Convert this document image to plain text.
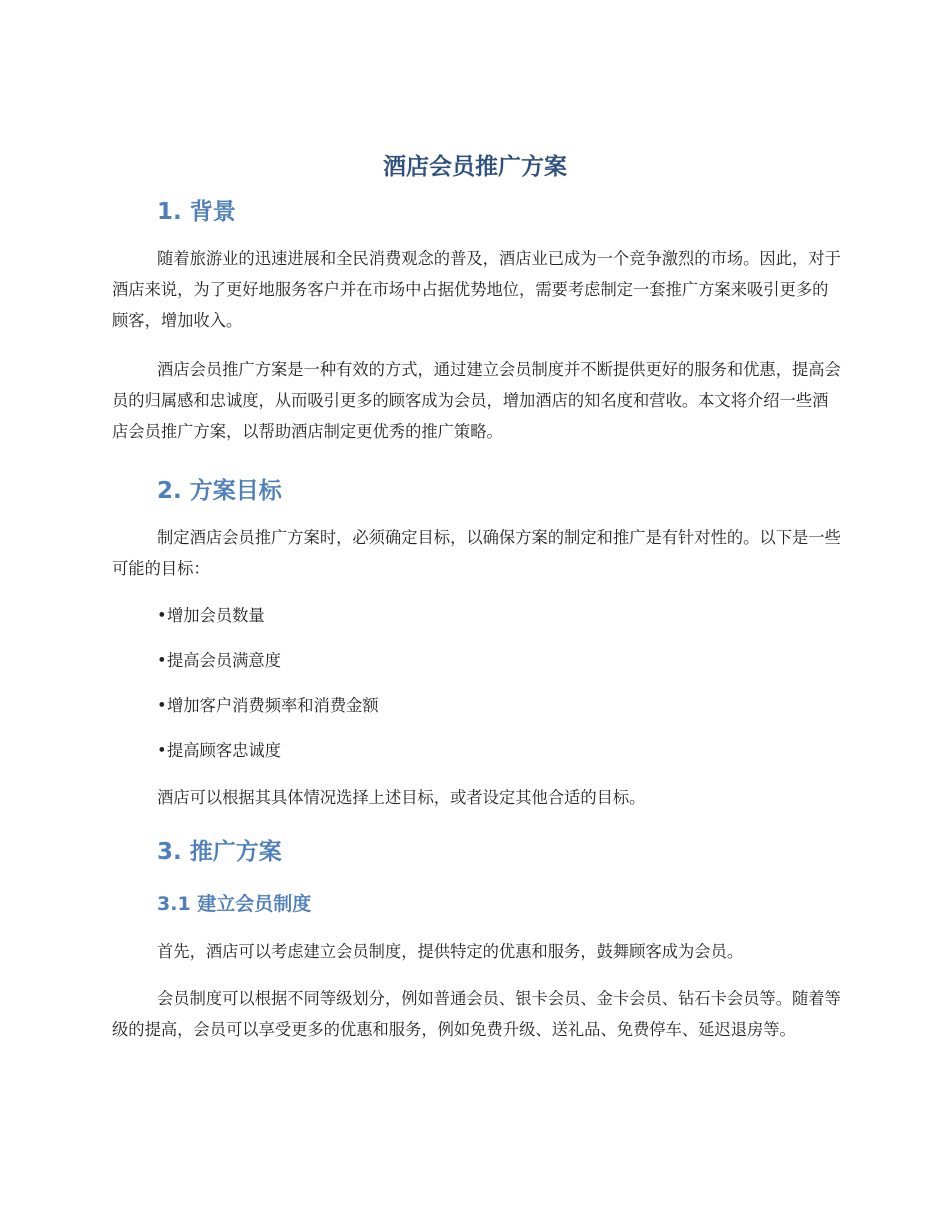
酒店会员推广方案
1. 背景

随着旅游业的迅速进展和全民消费观念的普及，酒店业已成为一个竞争激烈的市场。因此，对于酒店来说，为了更好地服务客户并在市场中占据优势地位，需要考虑制定一套推广方案来吸引更多的顾客，增加收入。

酒店会员推广方案是一种有效的方式，通过建立会员制度并不断提供更好的服务和优惠，提高会员的归属感和忠诚度，从而吸引更多的顾客成为会员，增加酒店的知名度和营收。本文将介绍一些酒店会员推广方案，以帮助酒店制定更优秀的推广策略。

2. 方案目标

制定酒店会员推广方案时，必须确定目标，以确保方案的制定和推广是有针对性的。以下是一些可能的目标：

•增加会员数量

•提高会员满意度

•增加客户消费频率和消费金额

•提高顾客忠诚度

酒店可以根据其具体情况选择上述目标，或者设定其他合适的目标。

3. 推广方案
3.1 建立会员制度

首先，酒店可以考虑建立会员制度，提供特定的优惠和服务，鼓舞顾客成为会员。

会员制度可以根据不同等级划分，例如普通会员、银卡会员、金卡会员、钻石卡会员等。随着等级的提高，会员可以享受更多的优惠和服务，例如免费升级、送礼品、免费停车、延迟退房等。
